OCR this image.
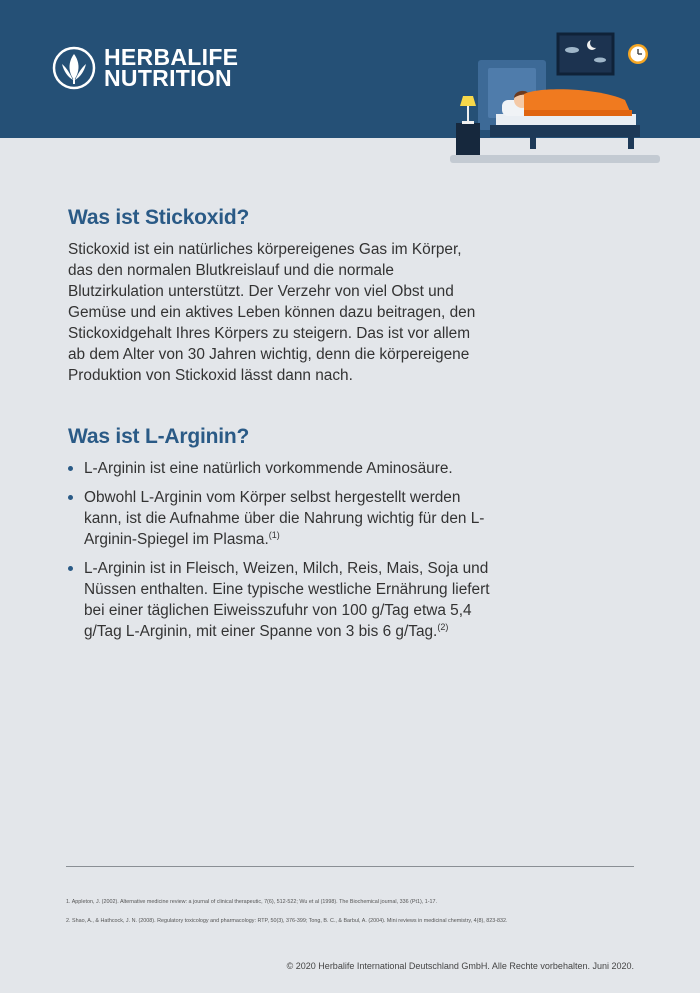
HERBALIFE
NUTRITION
Was ist Stickoxid?

Stickoxid ist ein natürliches körpereigenes Gas im Körper, das den normalen Blutkreislauf und die normale Blutzirkulation unterstützt. Der Verzehr von viel Obst und Gemüse und ein aktives Leben können dazu beitragen, den Stickoxidgehalt Ihres Körpers zu steigern. Das ist vor allem ab dem Alter von 30 Jahren wichtig, denn die körpereigene Produktion von Stickoxid lässt dann nach.

Was ist L-Arginin?
L-Arginin ist eine natürlich vorkommende Aminosäure.
Obwohl L-Arginin vom Körper selbst hergestellt werden kann, ist die Aufnahme über die Nahrung wichtig für den L-Arginin-Spiegel im Plasma.$^{(1)}$
L-Arginin ist in Fleisch, Weizen, Milch, Reis, Mais, Soja und Nüssen enthalten. Eine typische westliche Ernährung liefert bei einer täglichen Eiweisszufuhr von 100 g/Tag etwa 5,4 g/Tag L-Arginin, mit einer Spanne von 3 bis 6 g/Tag.$^{(2)}$
1. Appleton, J. (2002). Alternative medicine review: a journal of clinical therapeutic, 7(6), 512-522; Wu et al (1998). The Biochemical journal, 336 (Pt1), 1-17.
2. Shao, A., & Hathcock, J. N. (2008). Regulatory toxicology and pharmacology: RTP, 50(3), 376-399; Tong, B. C., & Barbul, A. (2004). Mini reviews in medicinal chemistry, 4(8), 823-832.
© 2020 Herbalife International Deutschland GmbH. Alle Rechte vorbehalten. Juni 2020.
